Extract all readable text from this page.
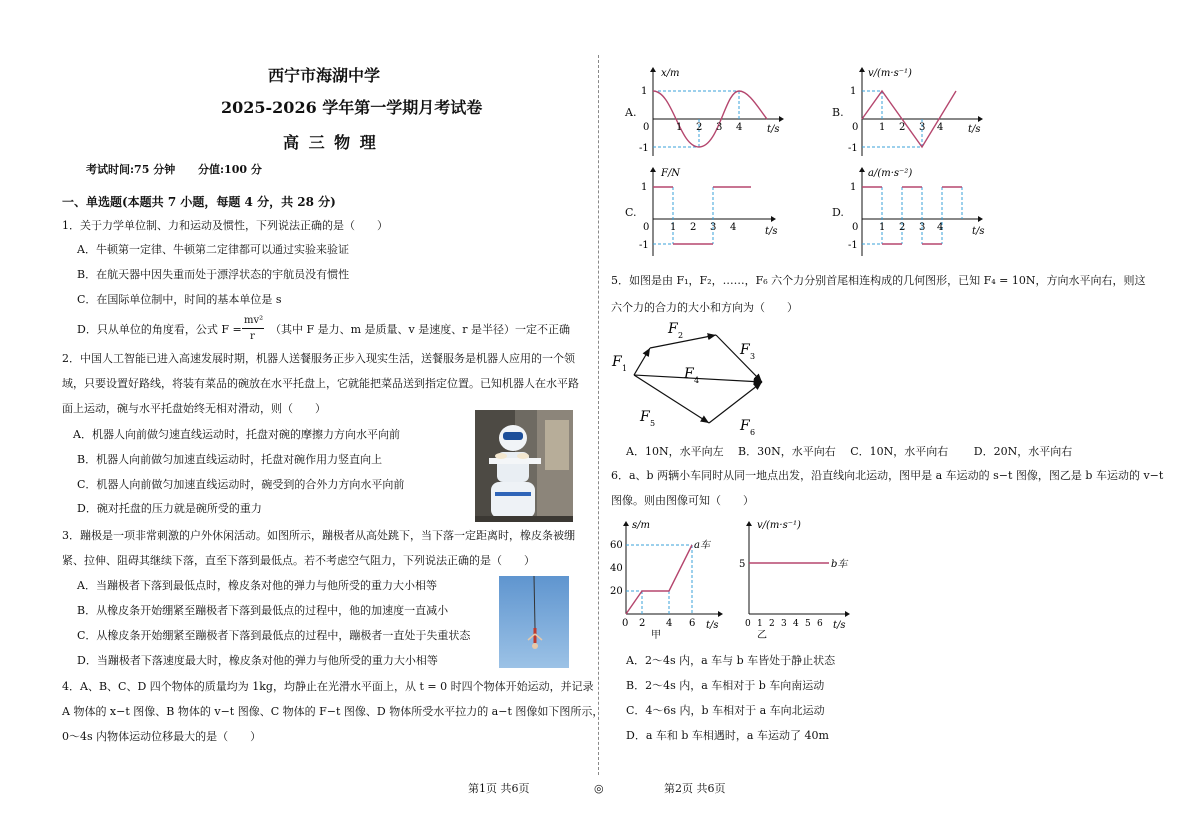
西宁市海湖中学
2025-2026 学年第一学期月考试卷
高 三 物 理
考试时间:75 分钟 分值:100 分
一、单选题(本题共 7 小题，每题 4 分，共 28 分)
1．关于力学单位制、力和运动及惯性，下列说法正确的是（　　）
A．牛顿第一定律、牛顿第二定律都可以通过实验来验证
B．在航天器中因失重而处于漂浮状态的宇航员没有惯性
C．在国际单位制中，时间的基本单位是 s
D．只从单位的角度看，公式 F =
mv²
r
（其中 F 是力、m 是质量、v 是速度、r 是半径）一定不正确
2．中国人工智能已进入高速发展时期，机器人送餐服务正步入现实生活，送餐服务是机器人应用的一个领
域，只要设置好路线，将装有菜品的碗放在水平托盘上，它就能把菜品送到指定位置。已知机器人在水平路
面上运动，碗与水平托盘始终无相对滑动，则（　　）
A．机器人向前做匀速直线运动时，托盘对碗的摩擦力方向水平向前
B．机器人向前做匀加速直线运动时，托盘对碗作用力竖直向上
C．机器人向前做匀加速直线运动时，碗受到的合外力方向水平向前
D．碗对托盘的压力就是碗所受的重力
3．蹦极是一项非常刺激的户外休闲活动。如图所示，蹦极者从高处跳下，当下落一定距离时，橡皮条被绷
紧、拉伸、阻碍其继续下落，直至下落到最低点。若不考虑空气阻力，下列说法正确的是（　　）
A．当蹦极者下落到最低点时，橡皮条对他的弹力与他所受的重力大小相等
B．从橡皮条开始绷紧至蹦极者下落到最低点的过程中，他的加速度一直减小
C．从橡皮条开始绷紧至蹦极者下落到最低点的过程中，蹦极者一直处于失重状态
D．当蹦极者下落速度最大时，橡皮条对他的弹力与他所受的重力大小相等
4．A、B、C、D 四个物体的质量均为 1kg，均静止在光滑水平面上，从 t = 0 时四个物体开始运动，并记录
A 物体的 x−t 图像、B 物体的 v−t 图像、C 物体的 F−t 图像、D 物体所受水平拉力的 a−t 图像如下图所示，
0～4s 内物体运动位移最大的是（　　）
A.
x/m
1
-1
0	1 2 3 4 t/s
B.
v/(m·s⁻¹)
1
-1
0 1 2 3 4 t/s
C.
F/N
1
-1
0 1 2 3 4	t/s
D.
a/(m·s⁻²)
1
-1
0 1 2 3 4	t/s
5．如图是由 F₁，F₂，……，F₆ 六个力分别首尾相连构成的几何图形，已知 F₄ = 10N，方向水平向右，则这
六个力的合力的大小和方向为（　　）
F 1
F 2
F 3
F 4
F 5	F 6
A．10N，水平向左　 B．30N，水平向右　 C．10N，水平向右　　 D．20N，水平向右
6．a、b 两辆小车同时从同一地点出发，沿直线向北运动，图甲是 a 车运动的 s−t 图像，图乙是 b 车运动的 v−t
图像。则由图像可知（　　）
s/m
60
40
20
0 2 4 6 t/s
a车
甲
v/(m·s⁻¹)
5
0 1 2 3 4 5 6 t/s
b车
乙
A．2～4s 内，a 车与 b 车皆处于静止状态
B．2～4s 内，a 车相对于 b 车向南运动
C．4～6s 内，b 车相对于 a 车向北运动
D．a 车和 b 车相遇时，a 车运动了 40m
第1页 共6页	◎	第2页 共6页
